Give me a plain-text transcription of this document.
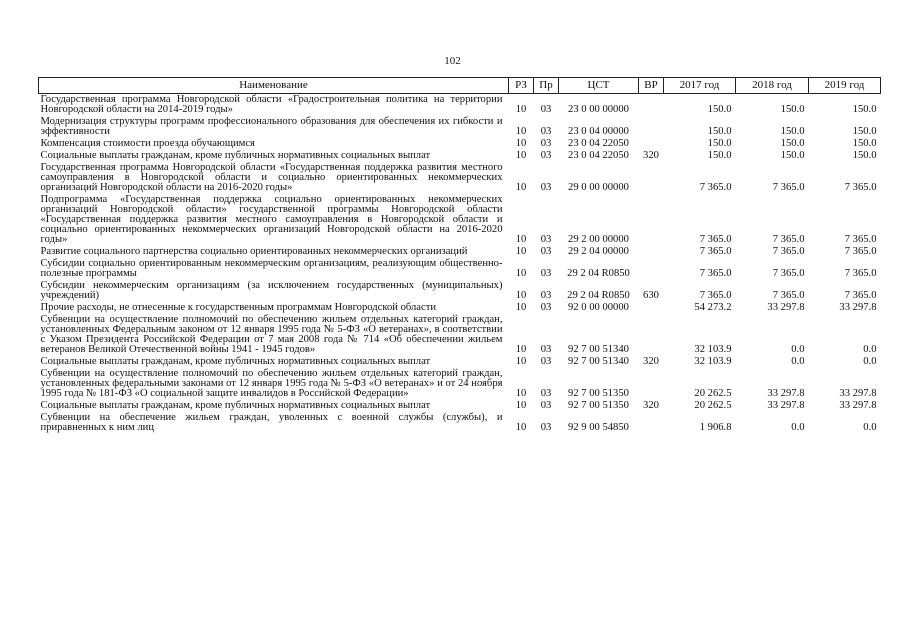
102
Наименование	РЗ	Пр	ЦСТ	ВР	2017 год	2018 год	2019 год
Государственная программа Новгородской области «Градостроительная политика на территории Новгородской области на 2014-2019 годы»	10	03	23 0 00 00000		150.0	150.0	150.0
Модернизация структуры программ профессионального образования для обеспечения их гибкости и эффективности	10	03	23 0 04 00000		150.0	150.0	150.0
Компенсация стоимости проезда обучающимся	10	03	23 0 04 22050		150.0	150.0	150.0
Социальные выплаты гражданам, кроме публичных нормативных социальных выплат	10	03	23 0 04 22050	320	150.0	150.0	150.0
Государственная программа Новгородской области «Государственная поддержка развития местного самоуправления в Новгородской области и социально ориентированных некоммерческих организаций Новгородской области на 2016-2020 годы»	10	03	29 0 00 00000		7 365.0	7 365.0	7 365.0
Подпрограмма «Государственная поддержка социально ориентированных некоммерческих организаций Новгородской области» государственной программы Новгородской области «Государственная поддержка развития местного самоуправления в Новгородской области и социально ориентированных некоммерческих организаций Новгородской области на 2016-2020 годы»	10	03	29 2 00 00000		7 365.0	7 365.0	7 365.0
Развитие социального партнерства социально ориентированных некоммерческих организаций	10	03	29 2 04 00000		7 365.0	7 365.0	7 365.0
Субсидии социально ориентированным некоммерческим организациям, реализующим общественно-полезные программы	10	03	29 2 04 R0850		7 365.0	7 365.0	7 365.0
Субсидии некоммерческим организациям (за исключением государственных (муниципальных) учреждений)	10	03	29 2 04 R0850	630	7 365.0	7 365.0	7 365.0
Прочие расходы, не отнесенные к государственным программам Новгородской области	10	03	92 0 00 00000		54 273.2	33 297.8	33 297.8
Субвенции на осуществление полномочий по обеспечению жильем отдельных категорий граждан, установленных Федеральным законом от 12 января 1995 года № 5-ФЗ «О ветеранах», в соответствии с Указом Президента Российской Федерации от 7 мая 2008 года № 714 «Об обеспечении жильем ветеранов Великой Отечественной войны 1941 - 1945 годов»	10	03	92 7 00 51340		32 103.9	0.0	0.0
Социальные выплаты гражданам, кроме публичных нормативных социальных выплат	10	03	92 7 00 51340	320	32 103.9	0.0	0.0
Субвенции на осуществление полномочий по обеспечению жильем отдельных категорий граждан, установленных федеральными законами от 12 января 1995 года № 5-ФЗ «О ветеранах» и от 24 ноября 1995 года № 181-ФЗ «О социальной защите инвалидов в Российской Федерации»	10	03	92 7 00 51350		20 262.5	33 297.8	33 297.8
Социальные выплаты гражданам, кроме публичных нормативных социальных выплат	10	03	92 7 00 51350	320	20 262.5	33 297.8	33 297.8
Субвенции на обеспечение жильем граждан, уволенных с военной службы (службы), и приравненных к ним лиц	10	03	92 9 00 54850		1 906.8	0.0	0.0
